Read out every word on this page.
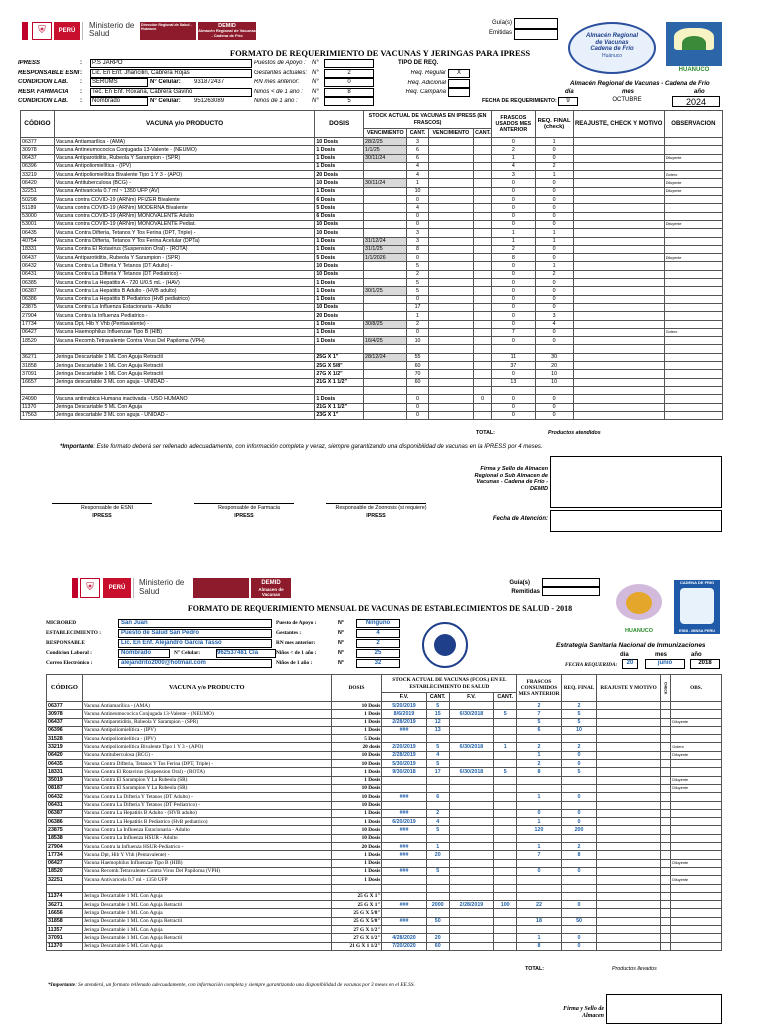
⛨	PERÚ
Ministerio de Salud
Dirección Regional de Salud - Huánuco
DEMID
Almacén Regional de Vacunas - Cadena de Frío
Guía(s)
Emitidas	Almacén Regional
de Vacunas
Cadena de Frío
Huánuco
HUANUCO
FORMATO DE REQUERIMIENTO DE VACUNAS Y JERINGAS PARA IPRESS
Almacén Regional de Vacunas - Cadena de Frío
IPRESS	:	P.S JARPO
RESPONSABLE ESNI :	Lic. En Enf. Jhancilin, Cabrera Rojas
CONDICION LAB.	:	SERUMS	N° Celular:	931872437
RESP. FARMACIA	:	Tec. En Enf. Roxana, Cabrera Gavino
CONDICION LAB.	:	Nombrado	N° Celular:	951263089
Puestos de Apoyo :	N°
Gestantes actuales: N°	2
RN mes anterior:	N°	0
Niños < de 1 año :	N°	8
Niños de 1 año :	N°	5
TIPO DE REQ.
Req. Regular	X
Req. Adicional
Req. Campaña	día	mes	año
FECHA DE REQUERIMIENTO:	9	OCTUBRE	2024
CÓDIGO	VACUNA y/o PRODUCTO	DOSIS	STOCK ACTUAL DE VACUNAS EN IPRESS (EN FRASCOS)				FRASCOS USADOS MES ANTERIOR	REQ. FINAL (check)	REAJUSTE, CHECK Y MOTIVO	OBSERVACION
			VENCIMIENTO	CANT.	VENCIMIENTO	CANT.				
06377	Vacuna Antiamarílica - (AMA)	10 Dosis	28/2/25	3			0	1		
30978	Vacuna Antineumococica Conjugada 13-Valente - (NEUMO)	1 Dosis	1/1/25	6			2	0		
06437	Vacuna Antiparotiditis, Rubeola Y Sarampion - (SPR)	1 Dosis	30/11/24	6			1	0		Diluyente
06396	Vacuna Antipoliomielítica - (IPV)	1 Dosis		4			4	2		
33219	Vacuna Antipoliomielítica Bivalente Tipo 1 Y 3 - (APO)	20 Dosis		4			3	1		Gotero
06420	Vacuna Antituberculosa (BCG) -	10 Dosis	30/11/24	1			0	0		Diluyente
32251	Vacuna Antivaricela 0.7 ml ~ 1350 UFP (AV)	1 Dosis		10			0	0		Diluyente
50298	Vacuna contra COVID-19 (ARNm) PFIZER Bivalente	6 Dosis		0			0	0		
51189	Vacuna contra COVID-19 (ARNm) MODERNA Bivalente	5 Dosis		4			0	0		
53000	Vacuna contra COVID-19 (ARNm) MONOVALENTE Adulto	6 Dosis		0			0	0		
53001	Vacuna contra COVID-19 (ARNm) MONOVALENTE Pediat.	10 Dosis		0			0	0		Diluyente
06435	Vacuna Contra Difteria, Tetanos Y Tos Ferina (DPT, Triple) -	10 Dosis		3			1	1		
40754	Vacuna Contra Difteria, Tetanos Y Tos Ferina Acelular (DPTa)	1 Dosis	31/12/24	3			1	1		
18331	Vacuna Contra El Rotavirus (Suspension Oral) - (ROTA)	1 Dosis	31/1/25	8			2	0		
06437	Vacuna Antiparotiditis, Rubeola Y Sarampion - (SPR)	5 Dosis	1/1/2026	0			8	0		Diluyente
06432	Vacuna Contra La Difteria Y Tetanos (DT Adulto) -	10 Dosis		5			0	1		
06431	Vacuna Contra La Difteria Y Tetanos (DT Pediatrico) -	10 Dosis		2			0	2		
06385	Vacuna Contra La Hepatitis A - 720 U/0.5 mL - (HAV)	1 Dosis		5			0	0		
06387	Vacuna Contra La Hepatitis B Adulto - (HVB adulto)	1 Dosis	30/1/25	5			0	0		
06386	Vacuna Contra La Hepatitis B Pediatrico (HvB pediatrico)	1 Dosis		0			0	0		
23875	Vacuna Contra La Influenza Estacionaria - Adulto	10 Dosis		17			0	0		
27904	Vacuna Contra la Influenza Pediatrico -	20 Dosis		1			0	3		
17734	Vacuna Dpt, Hib Y Vhb (Pentavalente) -	1 Dosis	30/8/25	2			0	4		
06427	Vacuna Haemophilus Influenzae Tipo B (HIB)	1 Dosis		0			7	0		Gotero
18520	Vacuna Recomb.Tetravalente Contra Virus Del Papiloma (VPH)	1 Dosis	16/4/25	10			0	0		

36271	Jeringa Descartable 1 ML Con Aguja Retractil	25G X 1"	28/12/24	55			11	30		
31858	Jeringa Descartable 1 ML Con Aguja Retractil	25G X 5/8"		60			37	20		
37091	Jeringa Descartable 1 ML Con Aguja Retractil	27G X 1/2"		70			0	10		
16657	Jeringa descartable 3 ML con aguja - UNIDAD -	21G X 1 1/2"		60			13	10		

24090	Vacuna antirrabica Humana inactivada - USO HUMANO	1 Dosis		0		0	0	0		
11370	Jeringa Descartable 5 ML Con Aguja	21G X 1 1/2"		0			0	0		
17563	Jeringa descartable 3 ML con aguja - UNIDAD -	23G X 1"		0			0	0		
TOTAL:	Productos atendidos
*Importante: Este formato deberá ser rellenado adecuadamente, con información completa y veraz, siempre garantizando una disponibilidad de vacunas en la IPRESS por 4 meses.
Firma y Sello de Almacen Regional o Sub Almacen de Vacunas - Cadena de Frío - DEMID
Fecha de Atención:
Responsable de ESNI
IPRESS
Responsable de Farmacia
IPRESS
Responsable de Zoonosis (si requiere)
IPRESS
⛨	PERÚ
Ministerio de Salud
DEMID
Almacen de Vacunas
Guía(s)
Remitidas
FORMATO DE REQUERIMIENTO MENSUAL DE VACUNAS DE ESTABLECIMIENTOS DE SALUD - 2018
HUANUCO
CADENA DE FRIO
ESNI - MINSA PERU
MICRORED	San Juan
ESTABLECIMIENTO :	Puesto de Salud San Pedro
RESPONSABLE	Lic. En Enf. Alejandro García Tasso
Condicion Laboral :	Nombrado	N° Celular:	962537481 Cla
Correo Electrónico :	alejandrito2000@hotmail.com
Puesto de Apoyo :	N°	Ninguno
Gestantes :	N°	4
RN mes anterior:	N°	2
Niños < de 1 año :	N°	25
Niños de 1 año :	N°	32
Estrategia Sanitaria Nacional de Inmunizaciones
día	mes	año
FECHA REQUERIDA:	20	junio	2018
CÓDIGO	VACUNA y/o PRODUCTO	DOSIS	STOCK ACTUAL DE VACUNAS (FCOS.) EN EL ESTABLECIMIENTO DE SALUD				FRASCOS CONSUMIDOS MES ANTERIOR	REQ. FINAL	REAJUSTE Y MOTIVO	CHECK	OBS.
			F.V.	CANT.	F.V.	CANT.					
06377	Vacuna Antiamarílica - (AMA)	10 Dosis	5/20/2019	5			2	2			
30978	Vacuna Antineumococica Conjugada 13-Valente - (NEUMO)	1 Dosis	8/6/2019	15	6/30/2018	5	7	5			
06437	Vacuna Antiparotiditis, Rubeola Y Sarampion - (SPR)	1 Dosis	2/28/2019	12			5	5			Diluyente
06396	Vacuna Antipoliomielítica - (IPV)	1 Dosis	###	13			6	10			
31528	Vacuna Antipoliomielítica - (IPV)	5 Dosis									
33219	Vacuna Antipoliomielítica Bivalente Tipo 1 Y 3 - (APO)	20 dosis	2/20/2019	5	6/30/2018	1	2	2			Gotero
06420	Vacuna Antituberculosa (BCG) -	10 Dosis	2/28/2019	4			1	0			Diluyente
06435	Vacuna Contra Difteria, Tetanos Y Tos Ferina (DPT, Triple) -	10 Dosis	5/30/2019	5			2	0			
18331	Vacuna Contra El Rotavirus (Suspension Oral) - (ROTA)	1 Dosis	9/30/2018	17	6/30/2018	5	8	5			
35019	Vacuna Contra El Sarampion Y La Rubeola (SR)	1 Dosis									Diluyente
08187	Vacuna Contra El Sarampion Y La Rubeola (SR)	10 Dosis									Diluyente
06432	Vacuna Contra La Difteria Y Tetanos (DT Adulto) -	10 Dosis	###	6			1	0			
06431	Vacuna Contra La Difteria Y Tetanos (DT Pediatrico) -	10 Dosis									
06387	Vacuna Contra La Hepatitis B Adulto - (HVB adulto)	1 Dosis	###	2			0	0			
06386	Vacuna Contra La Hepatitis B Pediatrico (HvB pediatrico)	1 Dosis	6/20/2019	4			1	0			
23875	Vacuna Contra La Influenza Estacionaria - Adulto	10 Dosis	###	5			120	200			
18538	Vacuna Contra La Influenza HSUR - Adulto	10 Dosis									
27904	Vacuna Contra la Influenza HSUR-Pediatrico -	20 Dosis	###	1			1	2			
17734	Vacuna Dpt, Hib Y Vhb (Pentavalente) -	1 Dosis	###	20			7	8			
06427	Vacuna Haemophilus Influenzae Tipo B (HIB)	1 Dosis									Diluyente
18520	Vacuna Recomb.Tetravalente Contra Virus Del Papiloma (VPH)	1 Dosis	###	5			0	0			
32251	Vacuna Antivaricela 0.7 ml - 1350 UFP	1 Dosis									Diluyente

11374	Jeringa Descartable 1 ML Con Aguja	25 G X 1"									
36271	Jeringa Descartable 1 ML Con Aguja Retractil	25 G X 1"	###	2000	2/28/2019	100	22	0			
16656	Jeringa Descartable 1 ML Con Aguja	25 G X 5/8"									
31858	Jeringa Descartable 1 ML Con Aguja Retractil	25 G X 5/8"	###	50			18	50			
11357	Jeringa Descartable 1 ML Con Aguja	27 G X 1/2"									
37091	Jeringa Descartable 1 ML Con Aguja Retractil	27 G X 1/2"	4/28/2020	20			1	0			
11370	Jeringa Descartable 5 ML Con Aguja	21 G X 1 1/2"	7/20/2020	60			8	0			
TOTAL:	Productos llevados
*Importante: Se atenderá, un formato rellenado adecuadamente, con información completa y siempre garantizando una disponibilidad de vacunas por 3 meses en el EE.SS.
Firma y Sello de Almacen
